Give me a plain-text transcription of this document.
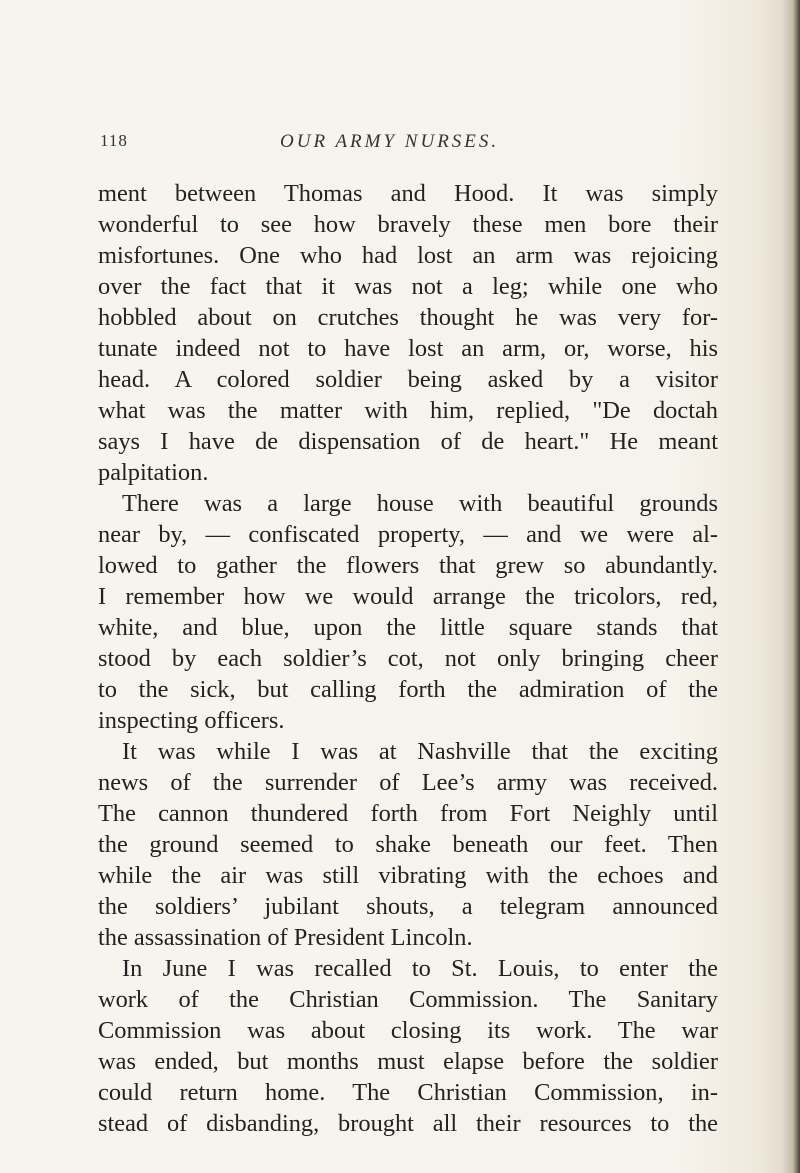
118	OUR ARMY NURSES.
ment between Thomas and Hood. It was simply
wonderful to see how bravely these men bore their
misfortunes. One who had lost an arm was rejoicing
over the fact that it was not a leg; while one who
hobbled about on crutches thought he was very for-
tunate indeed not to have lost an arm, or, worse, his
head. A colored soldier being asked by a visitor
what was the matter with him, replied, "De doctah
says I have de dispensation of de heart." He meant
palpitation.
There was a large house with beautiful grounds
near by, — confiscated property, — and we were al-
lowed to gather the flowers that grew so abundantly.
I remember how we would arrange the tricolors, red,
white, and blue, upon the little square stands that
stood by each soldier’s cot, not only bringing cheer
to the sick, but calling forth the admiration of the
inspecting officers.
It was while I was at Nashville that the exciting
news of the surrender of Lee’s army was received.
The cannon thundered forth from Fort Neighly until
the ground seemed to shake beneath our feet. Then
while the air was still vibrating with the echoes and
the soldiers’ jubilant shouts, a telegram announced
the assassination of President Lincoln.
In June I was recalled to St. Louis, to enter the
work of the Christian Commission. The Sanitary
Commission was about closing its work. The war
was ended, but months must elapse before the soldier
could return home. The Christian Commission, in-
stead of disbanding, brought all their resources to the
